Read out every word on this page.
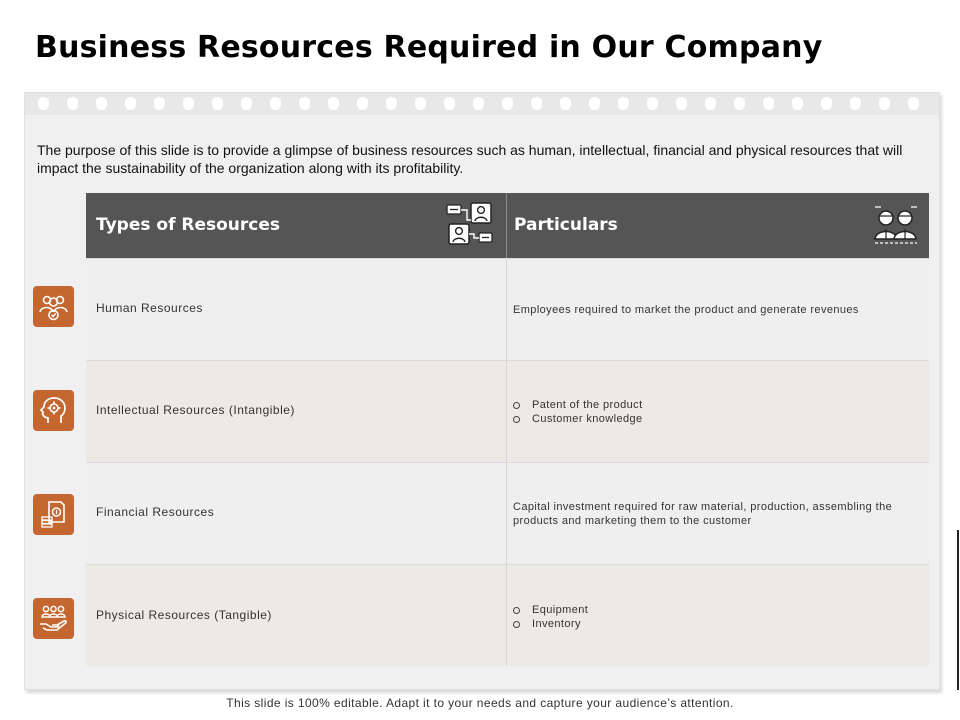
Business Resources Required in Our Company

The purpose of this slide is to provide a glimpse of business resources such as human, intellectual, financial and physical resources that will impact the sustainability of the organization along with its profitability.

Types of Resources	Particulars
Human Resources	Employees required to market the product and generate revenues
Intellectual Resources (Intangible)	Patent of the product
Customer knowledge
Financial Resources	Capital investment required for raw material, production, assembling the products and marketing them to the customer
Physical Resources (Tangible)	Equipment
Inventory
This slide is 100% editable. Adapt it to your needs and capture your audience’s attention.
